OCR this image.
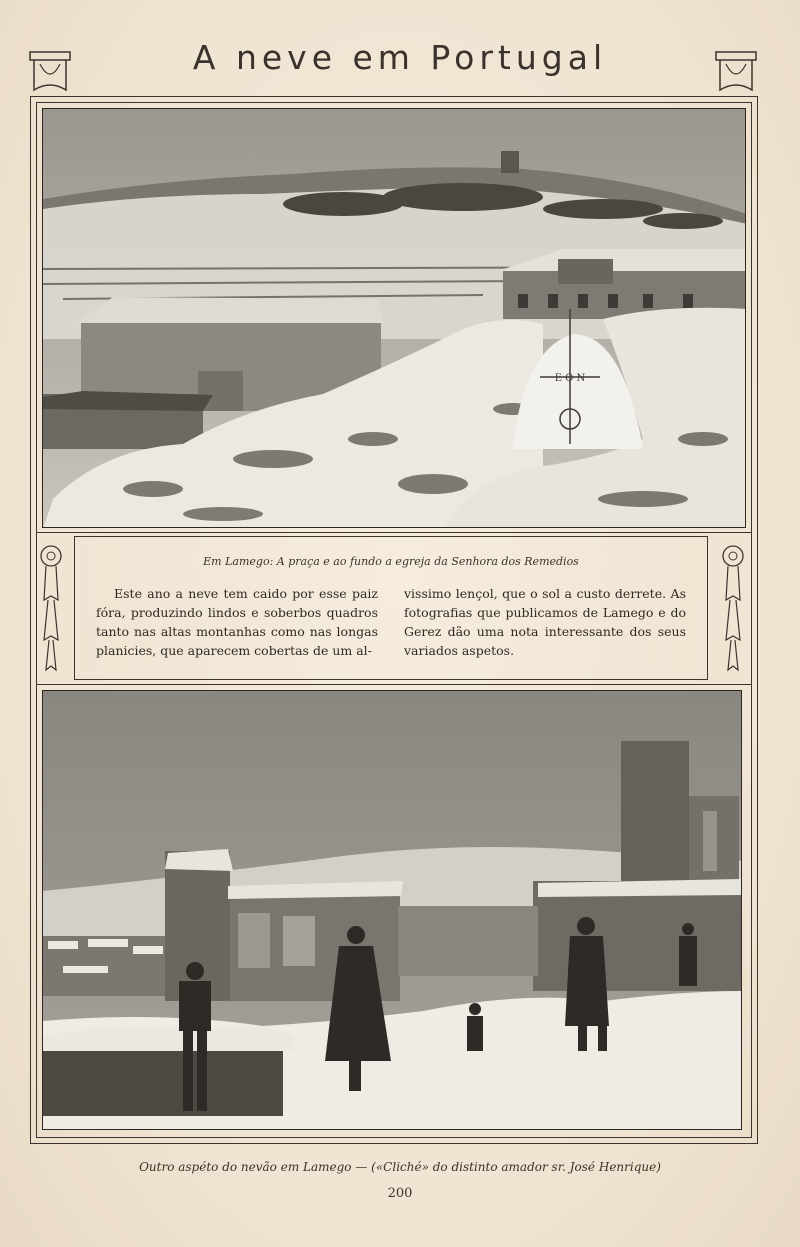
A neve em Portugal
E O N
Em Lamego: A praça e ao fundo a egreja da Senhora dos Remedios
Este ano a neve tem caido por esse paiz fóra, produzindo lindos e soberbos quadros tanto nas altas montanhas como nas longas planicies, que aparecem cobertas de um al-
vissimo lençol, que o sol a custo derrete. As fotografias que publicamos de Lamego e do Gerez dão uma nota interessante dos seus variados aspetos.
Outro aspéto do nevão em Lamego — («Cliché» do distinto amador sr. José Henrique)
200
